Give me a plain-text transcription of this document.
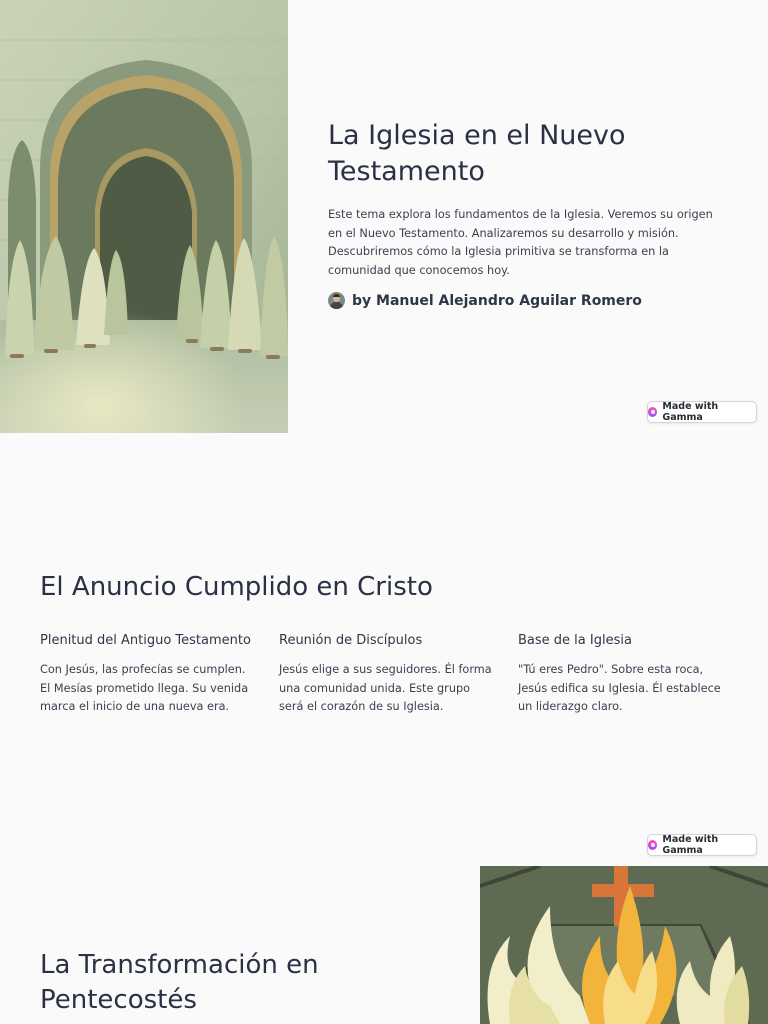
La Iglesia en el Nuevo Testamento

Este tema explora los fundamentos de la Iglesia. Veremos su origen en el Nuevo Testamento. Analizaremos su desarrollo y misión. Descubriremos cómo la Iglesia primitiva se transforma en la comunidad que conocemos hoy.

by Manuel Alejandro Aguilar Romero
Made with Gamma
El Anuncio Cumplido en Cristo
Plenitud del Antiguo Testamento

Con Jesús, las profecías se cumplen. El Mesías prometido llega. Su venida marca el inicio de una nueva era.

Reunión de Discípulos

Jesús elige a sus seguidores. Él forma una comunidad unida. Este grupo será el corazón de su Iglesia.

Base de la Iglesia

"Tú eres Pedro". Sobre esta roca, Jesús edifica su Iglesia. Él establece un liderazgo claro.

Made with Gamma
La Transformación en Pentecostés
